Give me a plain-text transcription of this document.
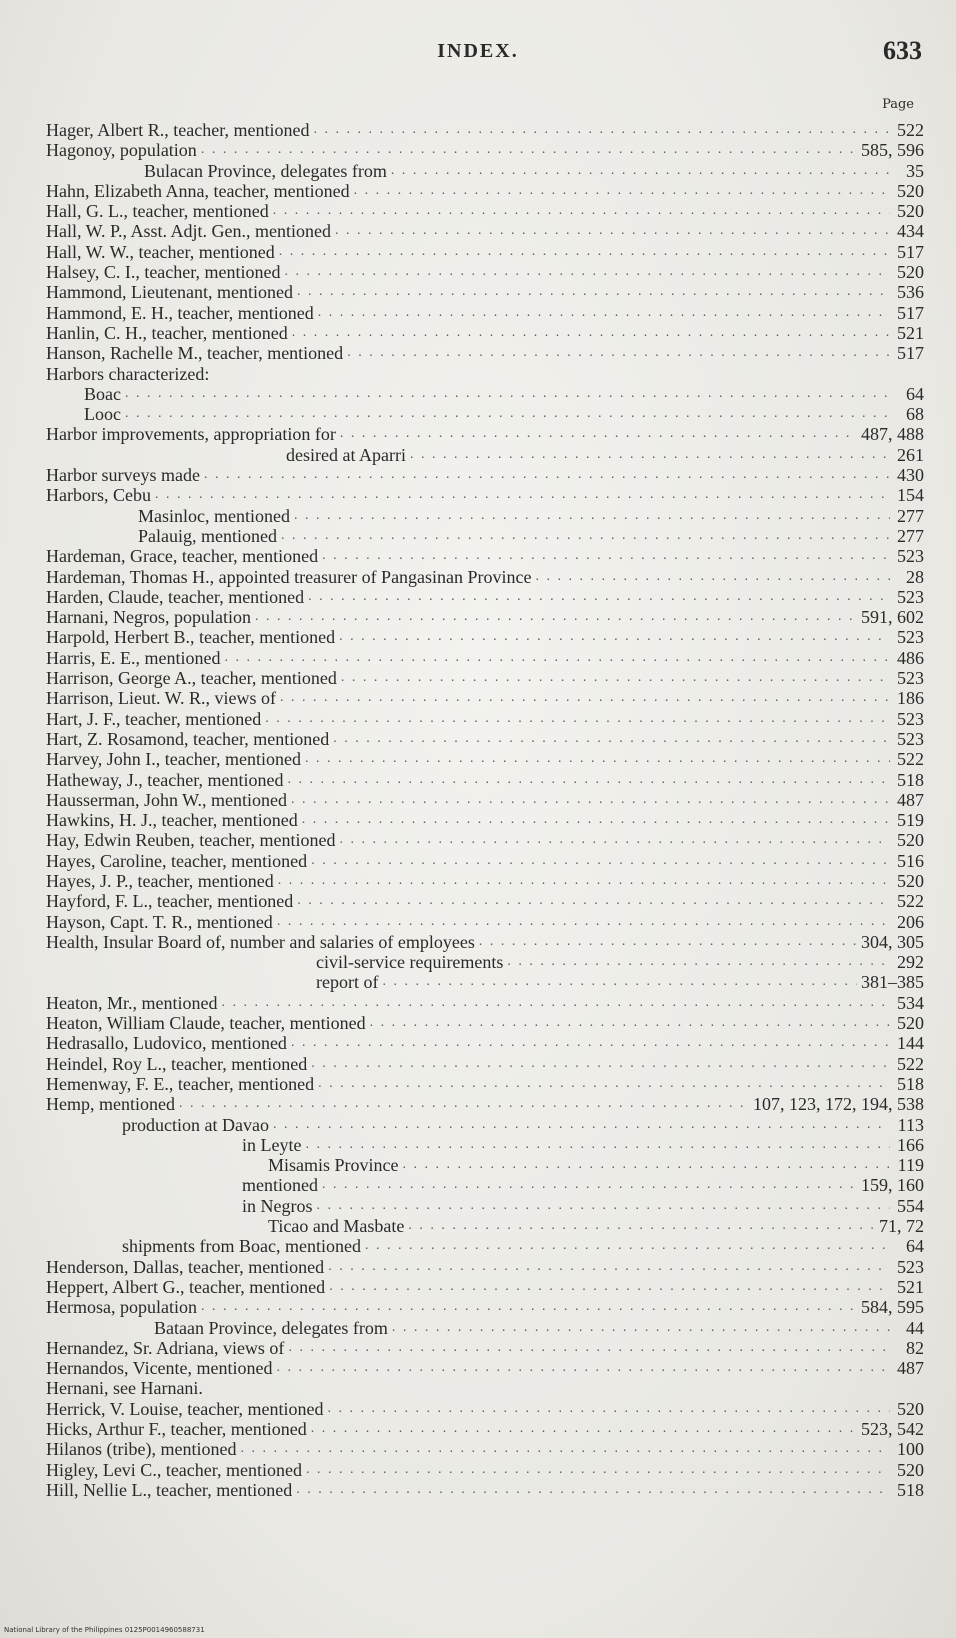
INDEX.	633
Page
Hager, Albert R., teacher, mentioned . . .	522
Hagonoy, population . . .	585, 596
Bulacan Province, delegates from . . .	35
Hahn, Elizabeth Anna, teacher, mentioned . . .	520
Hall, G. L., teacher, mentioned . . .	520
Hall, W. P., Asst. Adjt. Gen., mentioned . . .	434
Hall, W. W., teacher, mentioned . . .	517
Halsey, C. I., teacher, mentioned . . .	520
Hammond, Lieutenant, mentioned . . .	536
Hammond, E. H., teacher, mentioned . . .	517
Hanlin, C. H., teacher, mentioned . . .	521
Hanson, Rachelle M., teacher, mentioned . . .	517
Harbors characterized:
Boac . . .	64
Looc . . .	68
Harbor improvements, appropriation for . . .	487, 488
desired at Aparri . . .	261
Harbor surveys made . . .	430
Harbors, Cebu . . .	154
Masinloc, mentioned . . .	277
Palauig, mentioned . . .	277
Hardeman, Grace, teacher, mentioned . . .	523
Hardeman, Thomas H., appointed treasurer of Pangasinan Province . . .	28
Harden, Claude, teacher, mentioned . . .	523
Harnani, Negros, population . . .	591, 602
Harpold, Herbert B., teacher, mentioned . . .	523
Harris, E. E., mentioned . . .	486
Harrison, George A., teacher, mentioned . . .	523
Harrison, Lieut. W. R., views of . . .	186
Hart, J. F., teacher, mentioned . . .	523
Hart, Z. Rosamond, teacher, mentioned . . .	523
Harvey, John I., teacher, mentioned . . .	522
Hatheway, J., teacher, mentioned . . .	518
Hausserman, John W., mentioned . . .	487
Hawkins, H. J., teacher, mentioned . . .	519
Hay, Edwin Reuben, teacher, mentioned . . .	520
Hayes, Caroline, teacher, mentioned . . .	516
Hayes, J. P., teacher, mentioned . . .	520
Hayford, F. L., teacher, mentioned . . .	522
Hayson, Capt. T. R., mentioned . . .	206
Health, Insular Board of, number and salaries of employees . . .	304, 305
civil-service requirements . . .	292
report of . . .	381–385
Heaton, Mr., mentioned . . .	534
Heaton, William Claude, teacher, mentioned . . .	520
Hedrasallo, Ludovico, mentioned . . .	144
Heindel, Roy L., teacher, mentioned . . .	522
Hemenway, F. E., teacher, mentioned . . .	518
Hemp, mentioned . . .	107, 123, 172, 194, 538
production at Davao . . .	113
in Leyte . . .	166
Misamis Province . . .	119
mentioned . . .	159, 160
in Negros . . .	554
Ticao and Masbate . . .	71, 72
shipments from Boac, mentioned . . .	64
Henderson, Dallas, teacher, mentioned . . .	523
Heppert, Albert G., teacher, mentioned . . .	521
Hermosa, population . . .	584, 595
Bataan Province, delegates from . . .	44
Hernandez, Sr. Adriana, views of . . .	82
Hernandos, Vicente, mentioned . . .	487
Hernani, see Harnani.
Herrick, V. Louise, teacher, mentioned . . .	520
Hicks, Arthur F., teacher, mentioned . . .	523, 542
Hilanos (tribe), mentioned . . .	100
Higley, Levi C., teacher, mentioned . . .	520
Hill, Nellie L., teacher, mentioned . . .	518
National Library of the Philippines 0125P0014960588731
